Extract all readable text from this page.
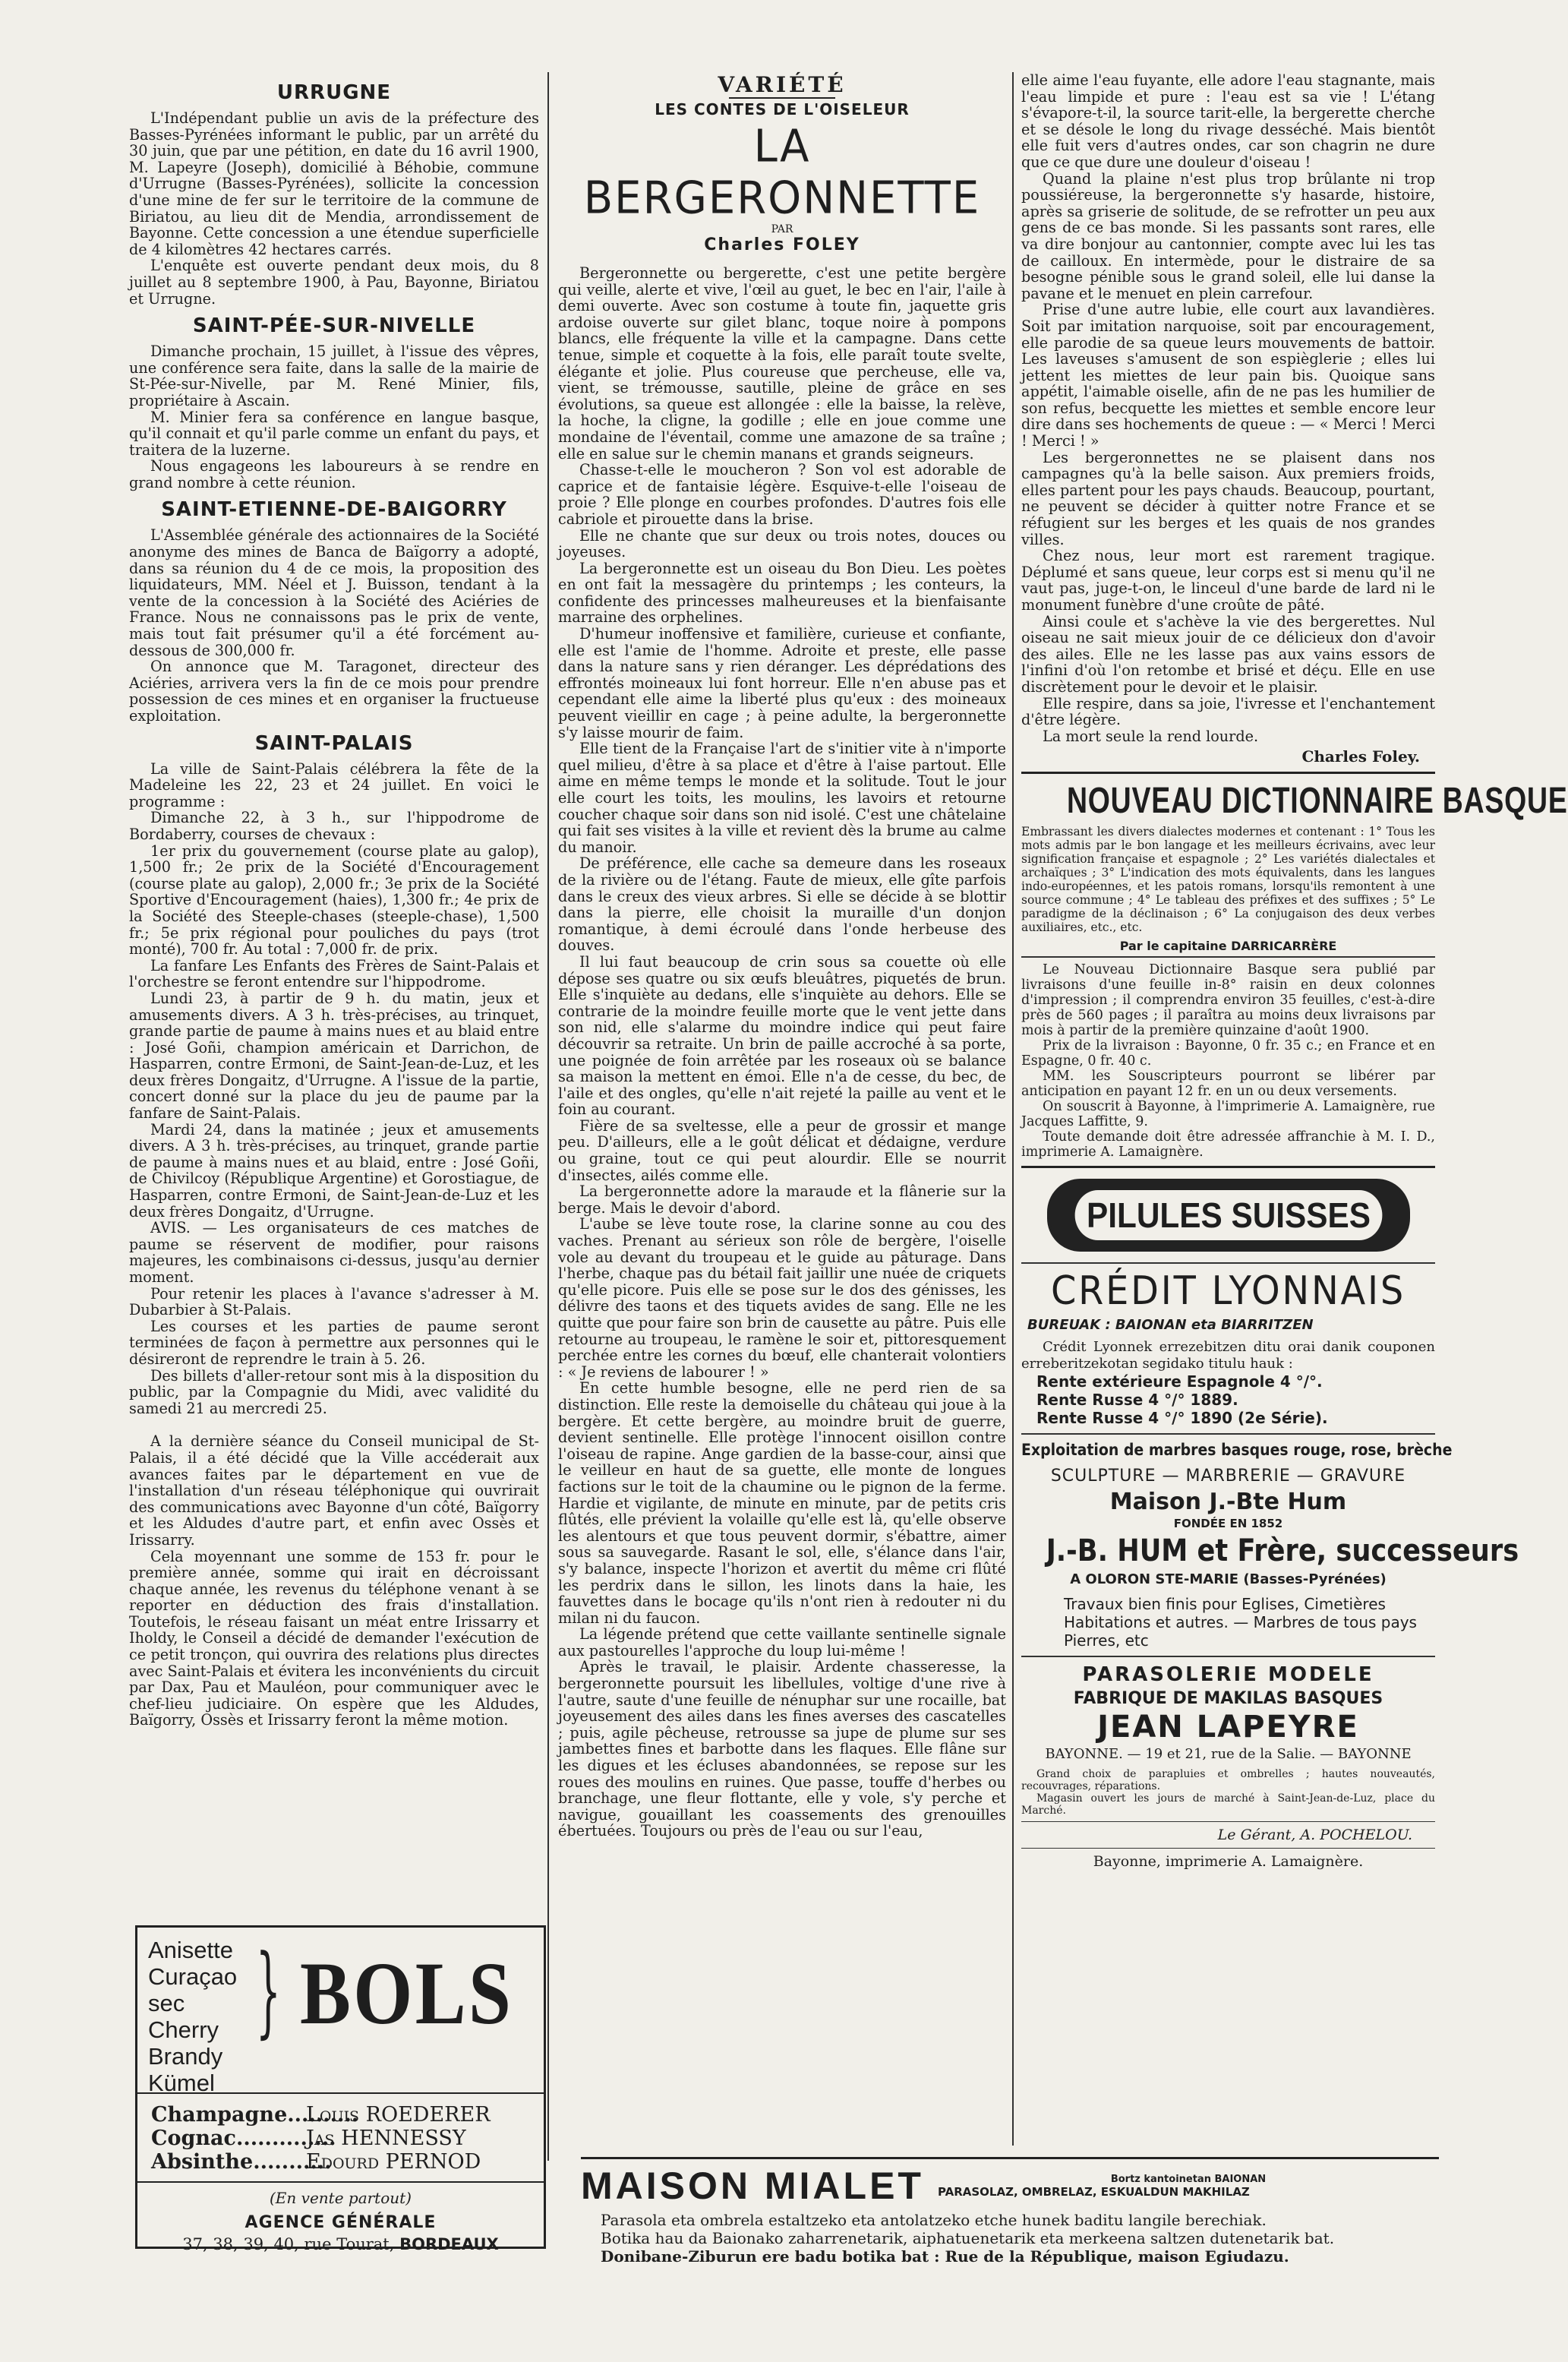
URRUGNE

L'Indépendant publie un avis de la préfecture des Basses-Pyrénées informant le public, par un arrêté du 30 juin, que par une pétition, en date du 16 avril 1900, M. Lapeyre (Joseph), domicilié à Béhobie, commune d'Urrugne (Basses-Pyrénées), sollicite la concession d'une mine de fer sur le territoire de la commune de Biriatou, au lieu dit de Mendia, arrondissement de Bayonne. Cette concession a une étendue superficielle de 4 kilomètres 42 hectares carrés.

L'enquête est ouverte pendant deux mois, du 8 juillet au 8 septembre 1900, à Pau, Bayonne, Biriatou et Urrugne.

SAINT-PÉE-SUR-NIVELLE

Dimanche prochain, 15 juillet, à l'issue des vêpres, une conférence sera faite, dans la salle de la mairie de St-Pée-sur-Nivelle, par M. René Minier, fils, propriétaire à Ascain.

M. Minier fera sa conférence en langue basque, qu'il connait et qu'il parle comme un enfant du pays, et traitera de la luzerne.

Nous engageons les laboureurs à se rendre en grand nombre à cette réunion.

SAINT-ETIENNE-DE-BAIGORRY

L'Assemblée générale des actionnaires de la Société anonyme des mines de Banca de Baïgorry a adopté, dans sa réunion du 4 de ce mois, la proposition des liquidateurs, MM. Néel et J. Buisson, tendant à la vente de la concession à la Société des Aciéries de France. Nous ne connaissons pas le prix de vente, mais tout fait présumer qu'il a été forcément au-dessous de 300,000 fr.

On annonce que M. Taragonet, directeur des Aciéries, arrivera vers la fin de ce mois pour prendre possession de ces mines et en organiser la fructueuse exploitation.

SAINT-PALAIS

La ville de Saint-Palais célébrera la fête de la Madeleine les 22, 23 et 24 juillet. En voici le programme :

Dimanche 22, à 3 h., sur l'hippodrome de Bordaberry, courses de chevaux :

1er prix du gouvernement (course plate au galop), 1,500 fr.; 2e prix de la Société d'Encouragement (course plate au galop), 2,000 fr.; 3e prix de la Société Sportive d'Encouragement (haies), 1,300 fr.; 4e prix de la Société des Steeple-chases (steeple-chase), 1,500 fr.; 5e prix régional pour pouliches du pays (trot monté), 700 fr. Au total : 7,000 fr. de prix.

La fanfare Les Enfants des Frères de Saint-Palais et l'orchestre se feront entendre sur l'hippodrome.

Lundi 23, à partir de 9 h. du matin, jeux et amusements divers. A 3 h. très-précises, au trinquet, grande partie de paume à mains nues et au blaid entre : José Goñi, champion américain et Darrichon, de Hasparren, contre Ermoni, de Saint-Jean-de-Luz, et les deux frères Dongaitz, d'Urrugne. A l'issue de la partie, concert donné sur la place du jeu de paume par la fanfare de Saint-Palais.

Mardi 24, dans la matinée ; jeux et amusements divers. A 3 h. très-précises, au trinquet, grande partie de paume à mains nues et au blaid, entre : José Goñi, de Chivilcoy (République Argentine) et Gorostiague, de Hasparren, contre Ermoni, de Saint-Jean-de-Luz et les deux frères Dongaitz, d'Urrugne.

AVIS. — Les organisateurs de ces matches de paume se réservent de modifier, pour raisons majeures, les combinaisons ci-dessus, jusqu'au dernier moment.

Pour retenir les places à l'avance s'adresser à M. Dubarbier à St-Palais.

Les courses et les parties de paume seront terminées de façon à permettre aux personnes qui le désireront de reprendre le train à 5. 26.

Des billets d'aller-retour sont mis à la disposition du public, par la Compagnie du Midi, avec validité du samedi 21 au mercredi 25.

A la dernière séance du Conseil municipal de St-Palais, il a été décidé que la Ville accéderait aux avances faites par le département en vue de l'installation d'un réseau téléphonique qui ouvrirait des communications avec Bayonne d'un côté, Baïgorry et les Aldudes d'autre part, et enfin avec Ossès et Irissarry.

Cela moyennant une somme de 153 fr. pour le première année, somme qui irait en décroissant chaque année, les revenus du téléphone venant à se reporter en déduction des frais d'installation. Toutefois, le réseau faisant un méat entre Irissarry et Iholdy, le Conseil a décidé de demander l'exécution de ce petit tronçon, qui ouvrira des relations plus directes avec Saint-Palais et évitera les inconvénients du circuit par Dax, Pau et Mauléon, pour communiquer avec le chef-lieu judiciaire. On espère que les Aldudes, Baïgorry, Ossès et Irissarry feront la même motion.

Anisette
Curaçao sec
Cherry Brandy
Kümel
} BOLS
Champagne..........
Louis ROEDERER
Cognac..............
Jas HENNESSY
Absinthe...........
Edourd PERNOD
(En vente partout)
AGENCE GÉNÉRALE
37, 38, 39, 40, rue Tourat, BORDEAUX
VARIÉTÉ
LES CONTES DE L'OISELEUR
LA BERGERONNETTE
PAR
Charles FOLEY

Bergeronnette ou bergerette, c'est une petite bergère qui veille, alerte et vive, l'œil au guet, le bec en l'air, l'aile à demi ouverte. Avec son costume à toute fin, jaquette gris ardoise ouverte sur gilet blanc, toque noire à pompons blancs, elle fréquente la ville et la campagne. Dans cette tenue, simple et coquette à la fois, elle paraît toute svelte, élégante et jolie. Plus coureuse que percheuse, elle va, vient, se trémousse, sautille, pleine de grâce en ses évolutions, sa queue est allongée : elle la baisse, la relève, la hoche, la cligne, la godille ; elle en joue comme une mondaine de l'éventail, comme une amazone de sa traîne ; elle en salue sur le chemin manans et grands seigneurs.

Chasse-t-elle le moucheron ? Son vol est adorable de caprice et de fantaisie légère. Esquive-t-elle l'oiseau de proie ? Elle plonge en courbes profondes. D'autres fois elle cabriole et pirouette dans la brise.

Elle ne chante que sur deux ou trois notes, douces ou joyeuses.

La bergeronnette est un oiseau du Bon Dieu. Les poètes en ont fait la messagère du printemps ; les conteurs, la confidente des princesses malheureuses et la bienfaisante marraine des orphelines.

D'humeur inoffensive et familière, curieuse et confiante, elle est l'amie de l'homme. Adroite et preste, elle passe dans la nature sans y rien déranger. Les déprédations des effrontés moineaux lui font horreur. Elle n'en abuse pas et cependant elle aime la liberté plus qu'eux : des moineaux peuvent vieillir en cage ; à peine adulte, la bergeronnette s'y laisse mourir de faim.

Elle tient de la Française l'art de s'initier vite à n'importe quel milieu, d'être à sa place et d'être à l'aise partout. Elle aime en même temps le monde et la solitude. Tout le jour elle court les toits, les moulins, les lavoirs et retourne coucher chaque soir dans son nid isolé. C'est une châtelaine qui fait ses visites à la ville et revient dès la brume au calme du manoir.

De préférence, elle cache sa demeure dans les roseaux de la rivière ou de l'étang. Faute de mieux, elle gîte parfois dans le creux des vieux arbres. Si elle se décide à se blottir dans la pierre, elle choisit la muraille d'un donjon romantique, à demi écroulé dans l'onde herbeuse des douves.

Il lui faut beaucoup de crin sous sa couette où elle dépose ses quatre ou six œufs bleuâtres, piquetés de brun. Elle s'inquiète au dedans, elle s'inquiète au dehors. Elle se contrarie de la moindre feuille morte que le vent jette dans son nid, elle s'alarme du moindre indice qui peut faire découvrir sa retraite. Un brin de paille accroché à sa porte, une poignée de foin arrêtée par les roseaux où se balance sa maison la mettent en émoi. Elle n'a de cesse, du bec, de l'aile et des ongles, qu'elle n'ait rejeté la paille au vent et le foin au courant.

Fière de sa sveltesse, elle a peur de grossir et mange peu. D'ailleurs, elle a le goût délicat et dédaigne, verdure ou graine, tout ce qui peut alourdir. Elle se nourrit d'insectes, ailés comme elle.

La bergeronnette adore la maraude et la flânerie sur la berge. Mais le devoir d'abord.

L'aube se lève toute rose, la clarine sonne au cou des vaches. Prenant au sérieux son rôle de bergère, l'oiselle vole au devant du troupeau et le guide au pâturage. Dans l'herbe, chaque pas du bétail fait jaillir une nuée de criquets qu'elle picore. Puis elle se pose sur le dos des génisses, les délivre des taons et des tiquets avides de sang. Elle ne les quitte que pour faire son brin de causette au pâtre. Puis elle retourne au troupeau, le ramène le soir et, pittoresquement perchée entre les cornes du bœuf, elle chanterait volontiers : « Je reviens de labourer ! »

En cette humble besogne, elle ne perd rien de sa distinction. Elle reste la demoiselle du château qui joue à la bergère. Et cette bergère, au moindre bruit de guerre, devient sentinelle. Elle protège l'innocent oisillon contre l'oiseau de rapine. Ange gardien de la basse-cour, ainsi que le veilleur en haut de sa guette, elle monte de longues factions sur le toit de la chaumine ou le pignon de la ferme. Hardie et vigilante, de minute en minute, par de petits cris flûtés, elle prévient la volaille qu'elle est là, qu'elle observe les alentours et que tous peuvent dormir, s'ébattre, aimer sous sa sauvegarde. Rasant le sol, elle, s'élance dans l'air, s'y balance, inspecte l'horizon et avertit du même cri flûté les perdrix dans le sillon, les linots dans la haie, les fauvettes dans le bocage qu'ils n'ont rien à redouter ni du milan ni du faucon.

La légende prétend que cette vaillante sentinelle signale aux pastourelles l'approche du loup lui-même !

Après le travail, le plaisir. Ardente chasseresse, la bergeronnette poursuit les libellules, voltige d'une rive à l'autre, saute d'une feuille de nénuphar sur une rocaille, bat joyeusement des ailes dans les fines averses des cascatelles ; puis, agile pêcheuse, retrousse sa jupe de plume sur ses jambettes fines et barbotte dans les flaques. Elle flâne sur les digues et les écluses abandonnées, se repose sur les roues des moulins en ruines. Que passe, touffe d'herbes ou branchage, une fleur flottante, elle y vole, s'y perche et navigue, gouaillant les coassements des grenouilles ébertuées. Toujours ou près de l'eau ou sur l'eau,

elle aime l'eau fuyante, elle adore l'eau stagnante, mais l'eau limpide et pure : l'eau est sa vie ! L'étang s'évapore-t-il, la source tarit-elle, la bergerette cherche et se désole le long du rivage desséché. Mais bientôt elle fuit vers d'autres ondes, car son chagrin ne dure que ce que dure une douleur d'oiseau !

Quand la plaine n'est plus trop brûlante ni trop poussiéreuse, la bergeronnette s'y hasarde, histoire, après sa griserie de solitude, de se refrotter un peu aux gens de ce bas monde. Si les passants sont rares, elle va dire bonjour au cantonnier, compte avec lui les tas de cailloux. En intermède, pour le distraire de sa besogne pénible sous le grand soleil, elle lui danse la pavane et le menuet en plein carrefour.

Prise d'une autre lubie, elle court aux lavandières. Soit par imitation narquoise, soit par encouragement, elle parodie de sa queue leurs mouvements de battoir. Les laveuses s'amusent de son espièglerie ; elles lui jettent les miettes de leur pain bis. Quoique sans appétit, l'aimable oiselle, afin de ne pas les humilier de son refus, becquette les miettes et semble encore leur dire dans ses hochements de queue : — « Merci ! Merci ! Merci ! »

Les bergeronnettes ne se plaisent dans nos campagnes qu'à la belle saison. Aux premiers froids, elles partent pour les pays chauds. Beaucoup, pourtant, ne peuvent se décider à quitter notre France et se réfugient sur les berges et les quais de nos grandes villes.

Chez nous, leur mort est rarement tragique. Déplumé et sans queue, leur corps est si menu qu'il ne vaut pas, juge-t-on, le linceul d'une barde de lard ni le monument funèbre d'une croûte de pâté.

Ainsi coule et s'achève la vie des bergerettes. Nul oiseau ne sait mieux jouir de ce délicieux don d'avoir des ailes. Elle ne les lasse pas aux vains essors de l'infini d'où l'on retombe et brisé et déçu. Elle en use discrètement pour le devoir et le plaisir.

Elle respire, dans sa joie, l'ivresse et l'enchantement d'être légère.

La mort seule la rend lourde.

Charles Foley.
NOUVEAU DICTIONNAIRE BASQUE

Embrassant les divers dialectes modernes et contenant : 1° Tous les mots admis par le bon langage et les meilleurs écrivains, avec leur signification française et espagnole ; 2° Les variétés dialectales et archaïques ; 3° L'indication des mots équivalents, dans les langues indo-européennes, et les patois romans, lorsqu'ils remontent à une source commune ; 4° Le tableau des préfixes et des suffixes ; 5° Le paradigme de la déclinaison ; 6° La conjugaison des deux verbes auxiliaires, etc., etc.

Par le capitaine DARRICARRÈRE

Le Nouveau Dictionnaire Basque sera publié par livraisons d'une feuille in-8° raisin en deux colonnes d'impression ; il comprendra environ 35 feuilles, c'est-à-dire près de 560 pages ; il paraîtra au moins deux livraisons par mois à partir de la première quinzaine d'août 1900.

Prix de la livraison : Bayonne, 0 fr. 35 c.; en France et en Espagne, 0 fr. 40 c.

MM. les Souscripteurs pourront se libérer par anticipation en payant 12 fr. en un ou deux versements.

On souscrit à Bayonne, à l'imprimerie A. Lamaignère, rue Jacques Laffitte, 9.

Toute demande doit être adressée affranchie à M. I. D., imprimerie A. Lamaignère.

PILULES SUISSES
CRÉDIT LYONNAIS
BUREUAK : BAIONAN eta BIARRITZEN

Crédit Lyonnek errezebitzen ditu orai danik couponen erreberitzekotan segidako titulu hauk :

Rente extérieure Espagnole 4 °/°.
Rente Russe 4 °/° 1889.
Rente Russe 4 °/° 1890 (2e Série).
Exploitation de marbres basques rouge, rose, brèche
SCULPTURE — MARBRERIE — GRAVURE
Maison J.-Bte Hum
FONDÉE EN 1852
J.-B. HUM et Frère, successeurs
A OLORON STE-MARIE (Basses-Pyrénées)

Travaux bien finis pour Eglises, Cimetières Habitations et autres. — Marbres de tous pays Pierres, etc

PARASOLERIE MODELE
FABRIQUE DE MAKILAS BASQUES
JEAN LAPEYRE
BAYONNE. — 19 et 21, rue de la Salie. — BAYONNE

Grand choix de parapluies et ombrelles ; hautes nouveautés, recouvrages, réparations.

Magasin ouvert les jours de marché à Saint-Jean-de-Luz, place du Marché.

Le Gérant, A. POCHELOU.
Bayonne, imprimerie A. Lamaignère.
MAISON MIALET	Bortz kantoinetan BAIONAN
PARASOLAZ, OMBRELAZ, ESKUALDUN MAKHILAZ
Parasola eta ombrela estaltzeko eta antolatzeko etche hunek baditu langile berechiak.
Botika hau da Baionako zaharrenetarik, aiphatuenetarik eta merkeena saltzen dutenetarik bat.
Donibane-Ziburun ere badu botika bat : Rue de la République, maison Egiudazu.
